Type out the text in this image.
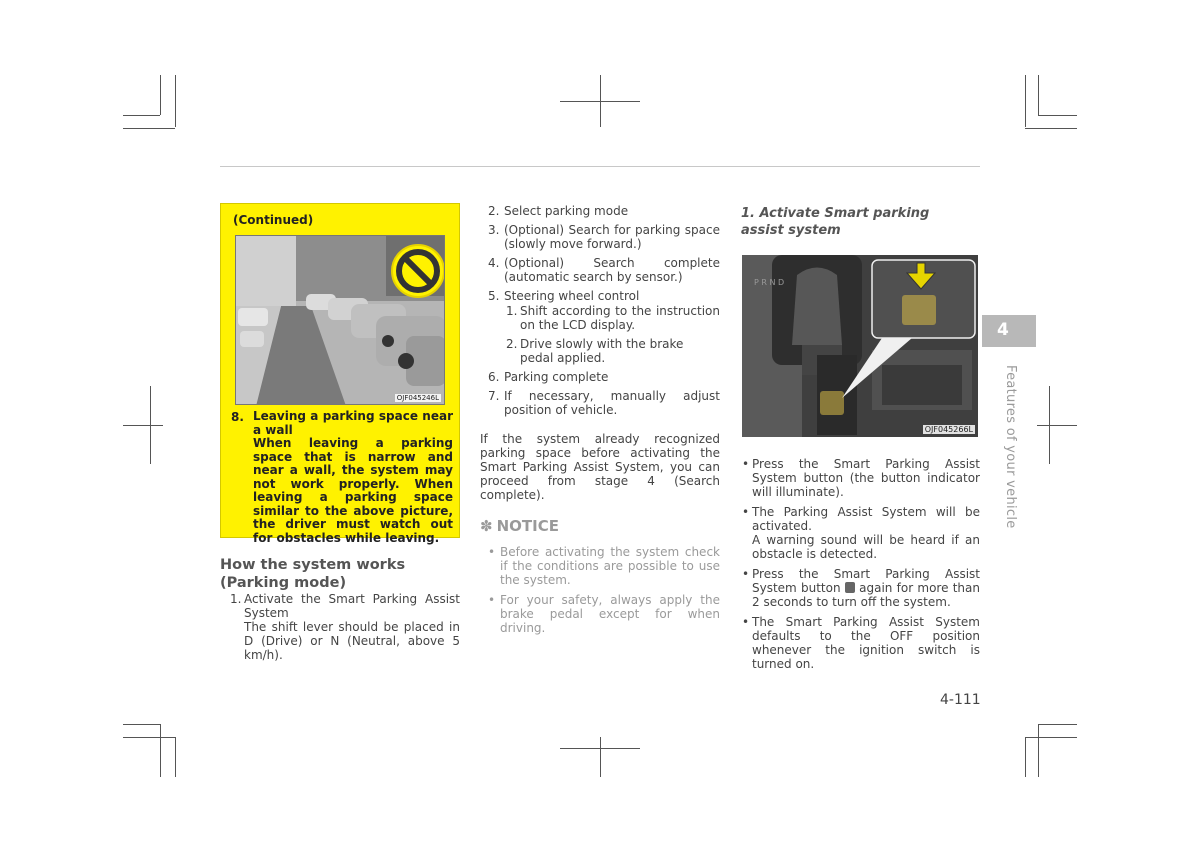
(Continued)
OJF045246L
8. Leaving a parking space near a wall
When leaving a parking space that is narrow and near a wall, the system may not work properly. When leaving a parking space similar to the above picture, the driver must watch out for obstacles while leaving.
How the system works (Parking mode)
1. Activate the Smart Parking Assist System
The shift lever should be placed in D (Drive) or N (Neutral, above 5 km/h).
2. Select parking mode
3. (Optional) Search for parking space (slowly move forward.)
4. (Optional) Search complete (automatic search by sensor.)
5. Steering wheel control
1. Shift according to the instruction on the LCD display.
2. Drive slowly with the brake pedal applied.
6. Parking complete
7. If necessary, manually adjust position of vehicle.
If the system already recognized parking space before activating the Smart Parking Assist System, you can proceed from stage 4 (Search complete).
✽ NOTICE
• Before activating the system check if the conditions are possible to use the system.
• For your safety, always apply the brake pedal except for when driving.
1. Activate Smart parking assist system
P R N D
OJF045266L
• Press the Smart Parking Assist System button (the button indicator will illuminate).
• The Parking Assist System will be activated.
A warning sound will be heard if an obstacle is detected.
• Press the Smart Parking Assist System button again for more than 2 seconds to turn off the system.
• The Smart Parking Assist System defaults to the OFF position whenever the ignition switch is turned on.
4
Features of your vehicle
4-111
